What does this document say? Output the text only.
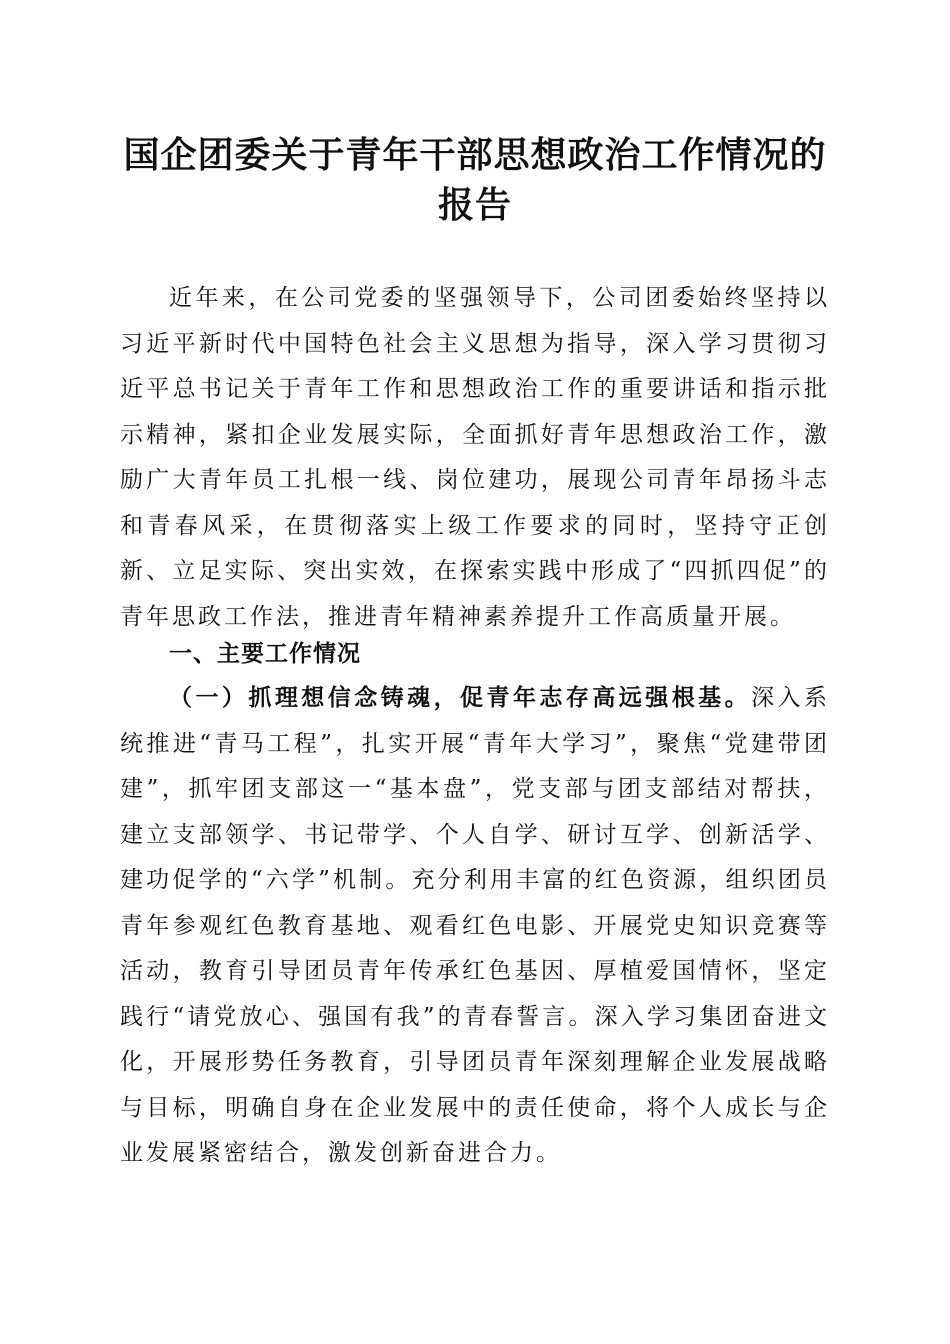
国企团委关于青年干部思想政治工作情况的报告

近年来，在公司党委的坚强领导下，公司团委始终坚持以习近平新时代中国特色社会主义思想为指导，深入学习贯彻习近平总书记关于青年工作和思想政治工作的重要讲话和指示批示精神，紧扣企业发展实际，全面抓好青年思想政治工作，激励广大青年员工扎根一线、岗位建功，展现公司青年昂扬斗志和青春风采，在贯彻落实上级工作要求的同时，坚持守正创新、立足实际、突出实效，在探索实践中形成了“四抓四促”的青年思政工作法，推进青年精神素养提升工作高质量开展。

一、主要工作情况

（一）抓理想信念铸魂，促青年志存高远强根基。深入系统推进“青马工程”，扎实开展“青年大学习”，聚焦“党建带团建”，抓牢团支部这一“基本盘”，党支部与团支部结对帮扶，建立支部领学、书记带学、个人自学、研讨互学、创新活学、建功促学的“六学”机制。充分利用丰富的红色资源，组织团员青年参观红色教育基地、观看红色电影、开展党史知识竞赛等活动，教育引导团员青年传承红色基因、厚植爱国情怀，坚定践行“请党放心、强国有我”的青春誓言。深入学习集团奋进文化，开展形势任务教育，引导团员青年深刻理解企业发展战略与目标，明确自身在企业发展中的责任使命，将个人成长与企业发展紧密结合，激发创新奋进合力。
